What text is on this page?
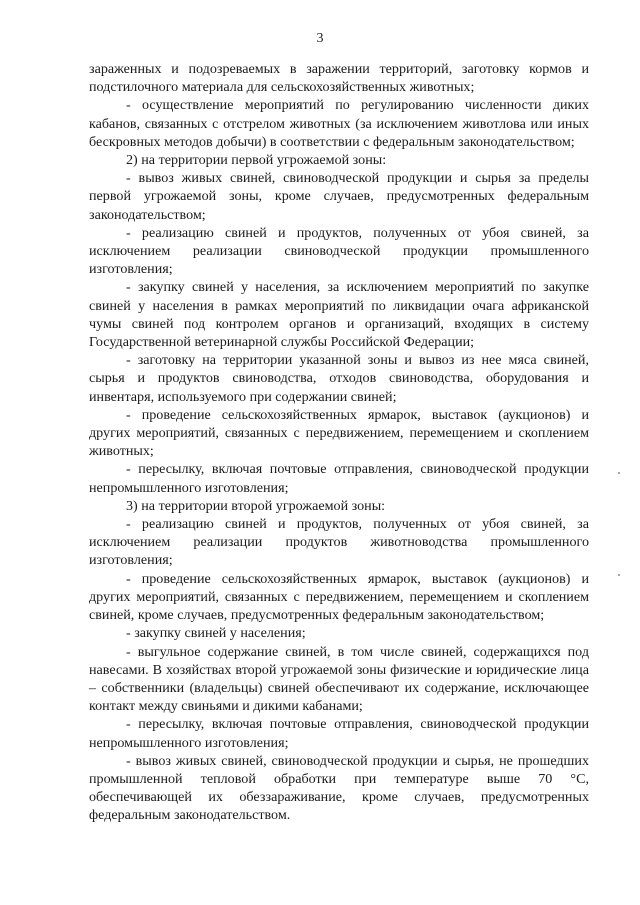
3

зараженных и подозреваемых в заражении территорий, заготовку кормов и подстилочного материала для сельскохозяйственных животных;

- осуществление мероприятий по регулированию численности диких кабанов, связанных с отстрелом животных (за исключением животлова или иных бескровных методов добычи) в соответствии с федеральным законодательством;

2) на территории первой угрожаемой зоны:

- вывоз живых свиней, свиноводческой продукции и сырья за пределы первой угрожаемой зоны, кроме случаев, предусмотренных федеральным законодательством;

- реализацию свиней и продуктов, полученных от убоя свиней, за исключением реализации свиноводческой продукции промышленного изготовления;

- закупку свиней у населения, за исключением мероприятий по закупке свиней у населения в рамках мероприятий по ликвидации очага африканской чумы свиней под контролем органов и организаций, входящих в систему Государственной ветеринарной службы Российской Федерации;

- заготовку на территории указанной зоны и вывоз из нее мяса свиней, сырья и продуктов свиноводства, отходов свиноводства, оборудования и инвентаря, используемого при содержании свиней;

- проведение сельскохозяйственных ярмарок, выставок (аукционов) и других мероприятий, связанных с передвижением, перемещением и скоплением животных;

- пересылку, включая почтовые отправления, свиноводческой продукции непромышленного изготовления;

3) на территории второй угрожаемой зоны:

- реализацию свиней и продуктов, полученных от убоя свиней, за исключением реализации продуктов животноводства промышленного изготовления;

- проведение сельскохозяйственных ярмарок, выставок (аукционов) и других мероприятий, связанных с передвижением, перемещением и скоплением свиней, кроме случаев, предусмотренных федеральным законодательством;

- закупку свиней у населения;

- выгульное содержание свиней, в том числе свиней, содержащихся под навесами. В хозяйствах второй угрожаемой зоны физические и юридические лица – собственники (владельцы) свиней обеспечивают их содержание, исключающее контакт между свиньями и дикими кабанами;

- пересылку, включая почтовые отправления, свиноводческой продукции непромышленного изготовления;

- вывоз живых свиней, свиноводческой продукции и сырья, не прошедших промышленной тепловой обработки при температуре выше 70 °С, обеспечивающей их обеззараживание, кроме случаев, предусмотренных федеральным законодательством.
